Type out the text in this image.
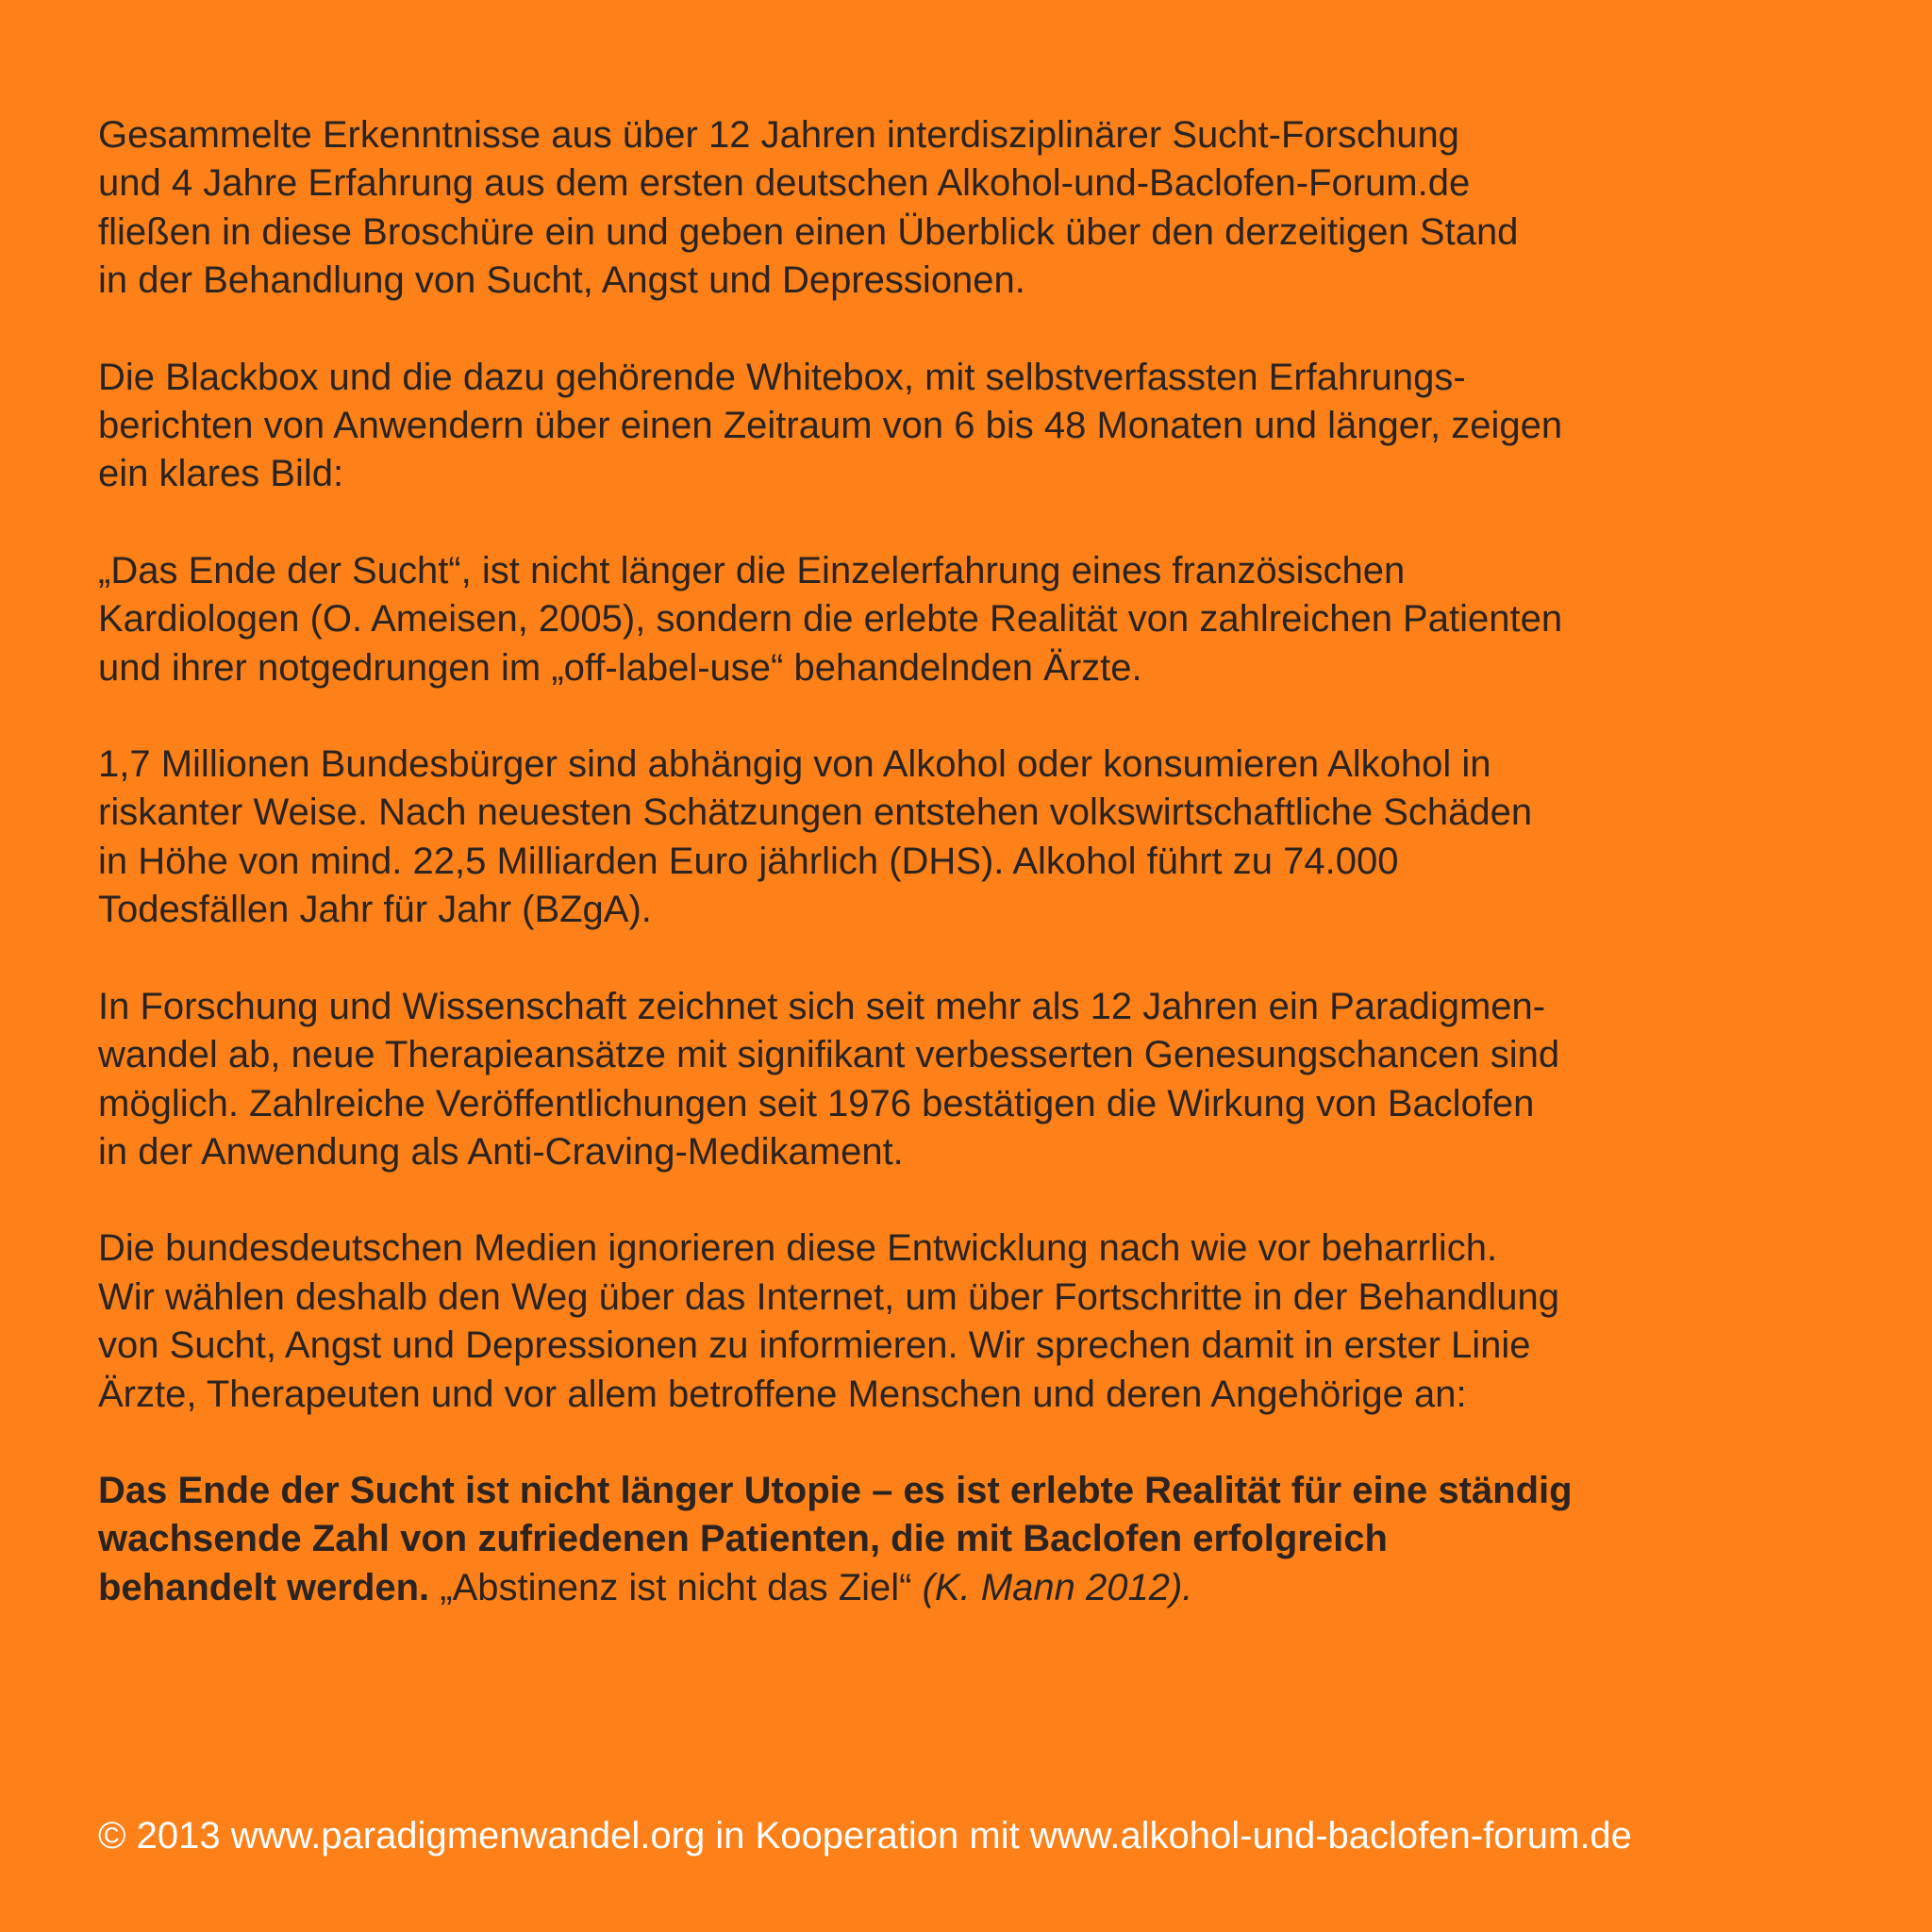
Gesammelte Erkenntnisse aus über 12 Jahren interdisziplinärer Sucht-Forschung
und 4 Jahre Erfahrung aus dem ersten deutschen Alkohol-und-Baclofen-Forum.de
fließen in diese Broschüre ein und geben einen Überblick über den derzeitigen Stand
in der Behandlung von Sucht, Angst und Depressionen.

Die Blackbox und die dazu gehörende Whitebox, mit selbstverfassten Erfahrungs-
berichten von Anwendern über einen Zeitraum von 6 bis 48 Monaten und länger, zeigen
ein klares Bild:

„Das Ende der Sucht“, ist nicht länger die Einzelerfahrung eines französischen
Kardiologen (O. Ameisen, 2005), sondern die erlebte Realität von zahlreichen Patienten
und ihrer notgedrungen im „off-label-use“ behandelnden Ärzte.

1,7 Millionen Bundesbürger sind abhängig von Alkohol oder konsumieren Alkohol in
riskanter Weise. Nach neuesten Schätzungen entstehen volkswirtschaftliche Schäden
in Höhe von mind. 22,5 Milliarden Euro jährlich (DHS). Alkohol führt zu 74.000
Todesfällen Jahr für Jahr (BZgA).

In Forschung und Wissenschaft zeichnet sich seit mehr als 12 Jahren ein Paradigmen-
wandel ab, neue Therapieansätze mit signifikant verbesserten Genesungschancen sind
möglich. Zahlreiche Veröffentlichungen seit 1976 bestätigen die Wirkung von Baclofen
in der Anwendung als Anti-Craving-Medikament.

Die bundesdeutschen Medien ignorieren diese Entwicklung nach wie vor beharrlich.
Wir wählen deshalb den Weg über das Internet, um über Fortschritte in der Behandlung
von Sucht, Angst und Depressionen zu informieren. Wir sprechen damit in erster Linie
Ärzte, Therapeuten und vor allem betroffene Menschen und deren Angehörige an:

Das Ende der Sucht ist nicht länger Utopie – es ist erlebte Realität für eine ständig
wachsende Zahl von zufriedenen Patienten, die mit Baclofen erfolgreich
behandelt werden. „Abstinenz ist nicht das Ziel“ (K. Mann 2012).

© 2013 www.paradigmenwandel.org in Kooperation mit www.alkohol-und-baclofen-forum.de
